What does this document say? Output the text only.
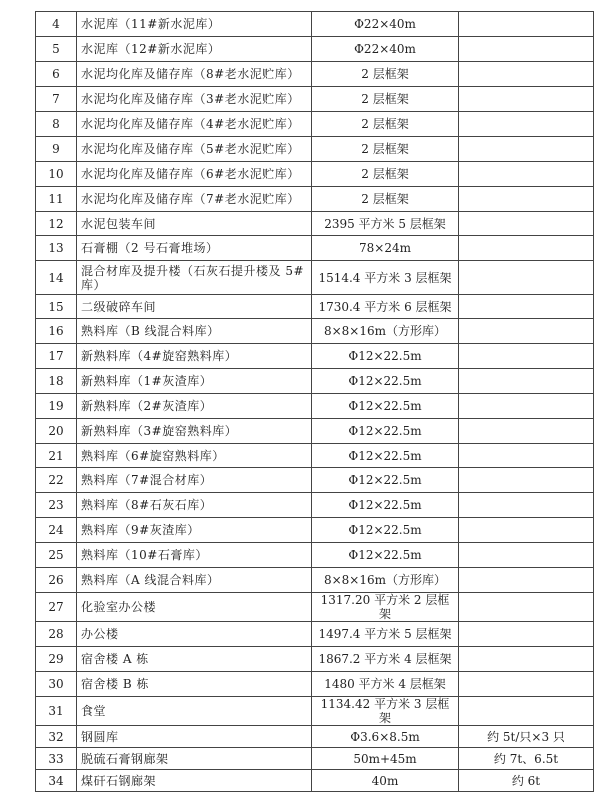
4	水泥库（11#新水泥库）	Φ22×40m	
5	水泥库（12#新水泥库）	Φ22×40m	
6	水泥均化库及储存库（8#老水泥贮库）	2 层框架	
7	水泥均化库及储存库（3#老水泥贮库）	2 层框架	
8	水泥均化库及储存库（4#老水泥贮库）	2 层框架	
9	水泥均化库及储存库（5#老水泥贮库）	2 层框架	
10	水泥均化库及储存库（6#老水泥贮库）	2 层框架	
11	水泥均化库及储存库（7#老水泥贮库）	2 层框架	
12	水泥包装车间	2395 平方米 5 层框架	
13	石膏棚（2 号石膏堆场）	78×24m	
14	混合材库及提升楼（石灰石提升楼及 5#库）	1514.4 平方米 3 层框架	
15	二级破碎车间	1730.4 平方米 6 层框架	
16	熟料库（B 线混合料库）	8×8×16m（方形库）	
17	新熟料库（4#旋窑熟料库）	Φ12×22.5m	
18	新熟料库（1#灰渣库）	Φ12×22.5m	
19	新熟料库（2#灰渣库）	Φ12×22.5m	
20	新熟料库（3#旋窑熟料库）	Φ12×22.5m	
21	熟料库（6#旋窑熟料库）	Φ12×22.5m	
22	熟料库（7#混合材库）	Φ12×22.5m	
23	熟料库（8#石灰石库）	Φ12×22.5m	
24	熟料库（9#灰渣库）	Φ12×22.5m	
25	熟料库（10#石膏库）	Φ12×22.5m	
26	熟料库（A 线混合料库）	8×8×16m（方形库）	
27	化验室办公楼	1317.20 平方米 2 层框架	
28	办公楼	1497.4 平方米 5 层框架	
29	宿舍楼 A 栋	1867.2 平方米 4 层框架	
30	宿舍楼 B 栋	1480 平方米 4 层框架	
31	食堂	1134.42 平方米 3 层框架	
32	钢圆库	Φ3.6×8.5m	约 5t/只×3 只
33	脱硫石膏钢廊架	50m+45m	约 7t、6.5t
34	煤矸石钢廊架	40m	约 6t
